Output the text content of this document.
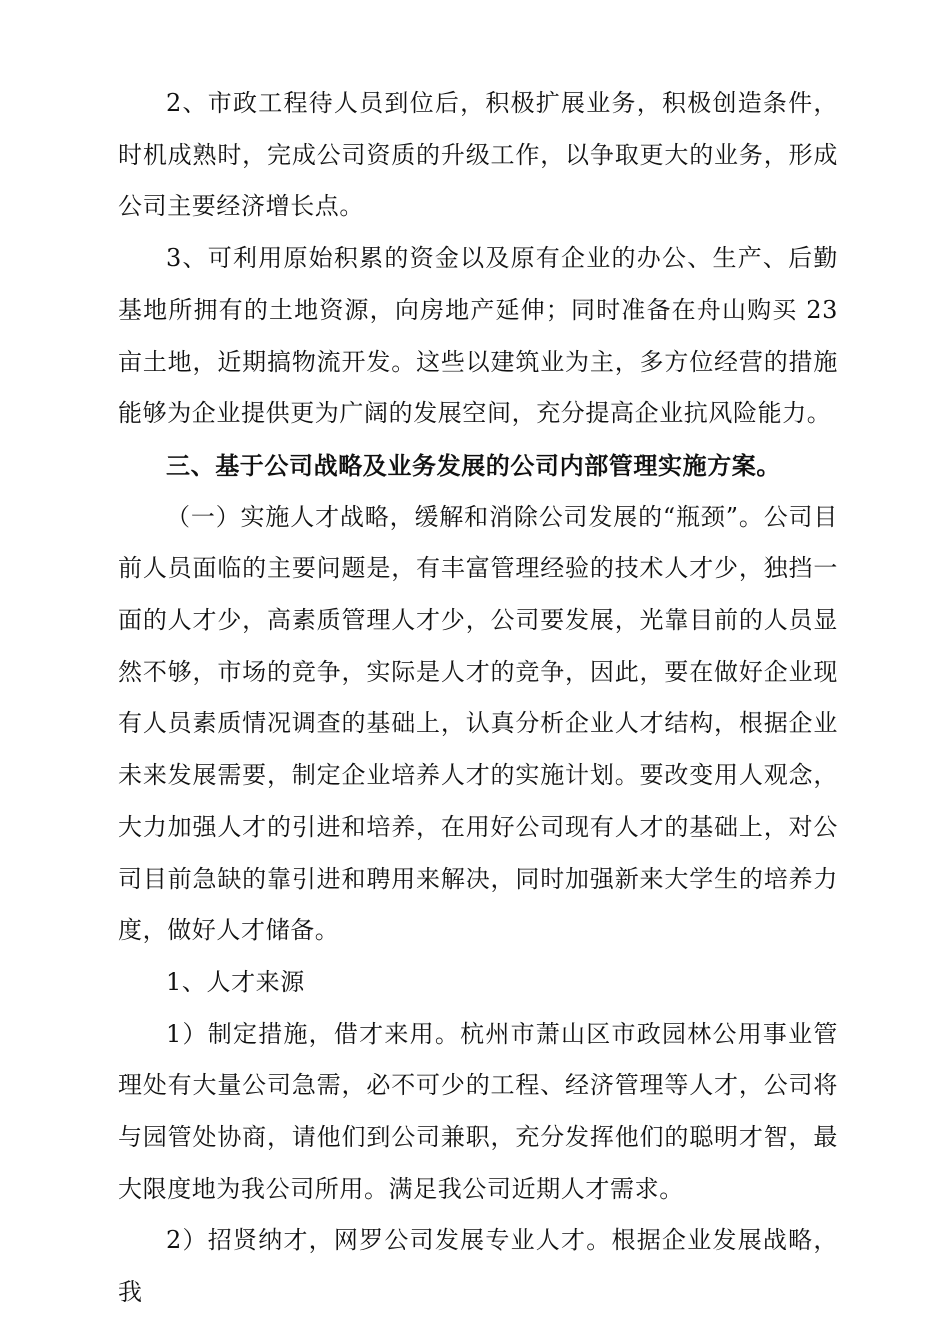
2、市政工程待人员到位后，积极扩展业务，积极创造条件，时机成熟时，完成公司资质的升级工作，以争取更大的业务，形成公司主要经济增长点。

3、可利用原始积累的资金以及原有企业的办公、生产、后勤基地所拥有的土地资源，向房地产延伸；同时准备在舟山购买 23 亩土地，近期搞物流开发。这些以建筑业为主，多方位经营的措施能够为企业提供更为广阔的发展空间，充分提高企业抗风险能力。

三、基于公司战略及业务发展的公司内部管理实施方案。

（一）实施人才战略，缓解和消除公司发展的“瓶颈”。公司目前人员面临的主要问题是，有丰富管理经验的技术人才少，独挡一面的人才少，高素质管理人才少，公司要发展，光靠目前的人员显然不够，市场的竞争，实际是人才的竞争，因此，要在做好企业现有人员素质情况调查的基础上，认真分析企业人才结构，根据企业未来发展需要，制定企业培养人才的实施计划。要改变用人观念，大力加强人才的引进和培养，在用好公司现有人才的基础上，对公司目前急缺的靠引进和聘用来解决，同时加强新来大学生的培养力度，做好人才储备。

1、人才来源

1）制定措施，借才来用。杭州市萧山区市政园林公用事业管理处有大量公司急需，必不可少的工程、经济管理等人才，公司将与园管处协商，请他们到公司兼职，充分发挥他们的聪明才智，最大限度地为我公司所用。满足我公司近期人才需求。

2）招贤纳才，网罗公司发展专业人才。根据企业发展战略，我
